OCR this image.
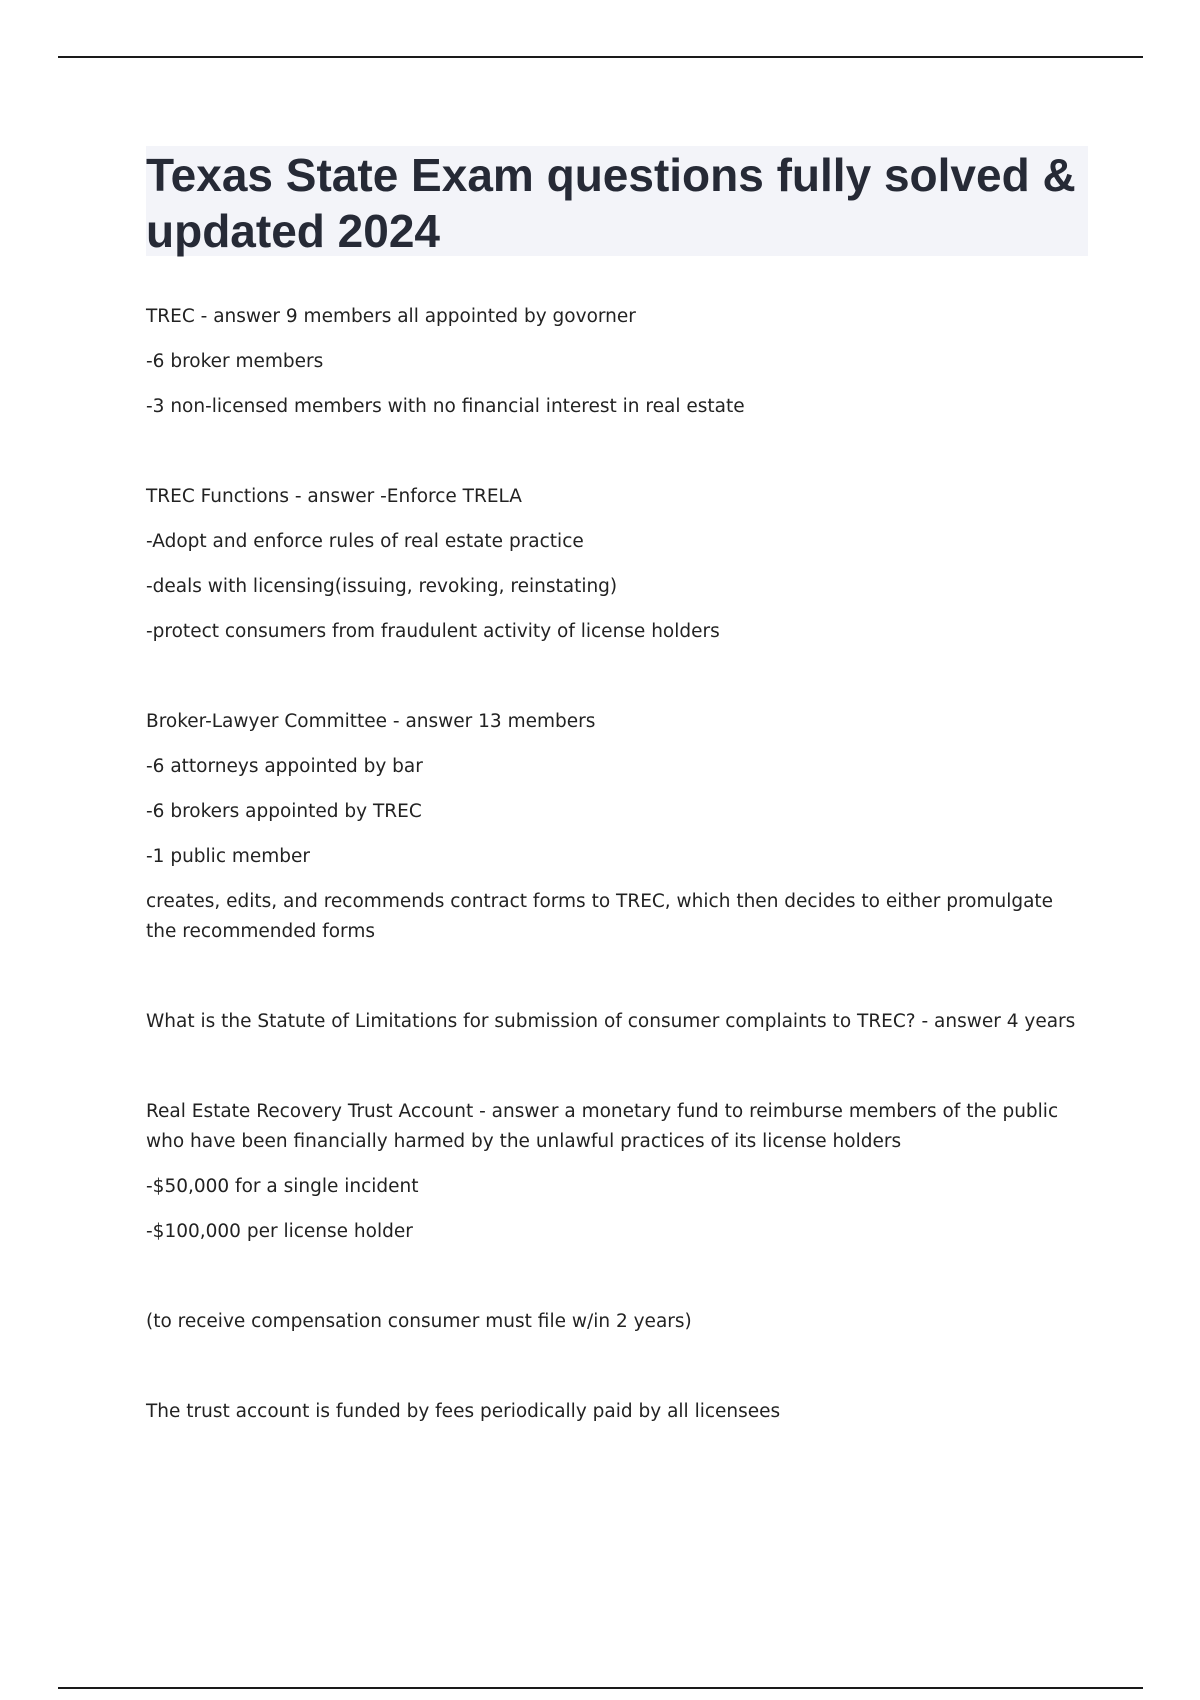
Texas State Exam questions fully solved & updated 2024

TREC - answer 9 members all appointed by govorner

-6 broker members

-3 non-licensed members with no financial interest in real estate

TREC Functions - answer -Enforce TRELA

-Adopt and enforce rules of real estate practice

-deals with licensing(issuing, revoking, reinstating)

-protect consumers from fraudulent activity of license holders

Broker-Lawyer Committee - answer 13 members

-6 attorneys appointed by bar

-6 brokers appointed by TREC

-1 public member

creates, edits, and recommends contract forms to TREC, which then decides to either promulgate the recommended forms

What is the Statute of Limitations for submission of consumer complaints to TREC? - answer 4 years

Real Estate Recovery Trust Account - answer a monetary fund to reimburse members of the public who have been financially harmed by the unlawful practices of its license holders

-$50,000 for a single incident

-$100,000 per license holder

(to receive compensation consumer must file w/in 2 years)

The trust account is funded by fees periodically paid by all licensees
